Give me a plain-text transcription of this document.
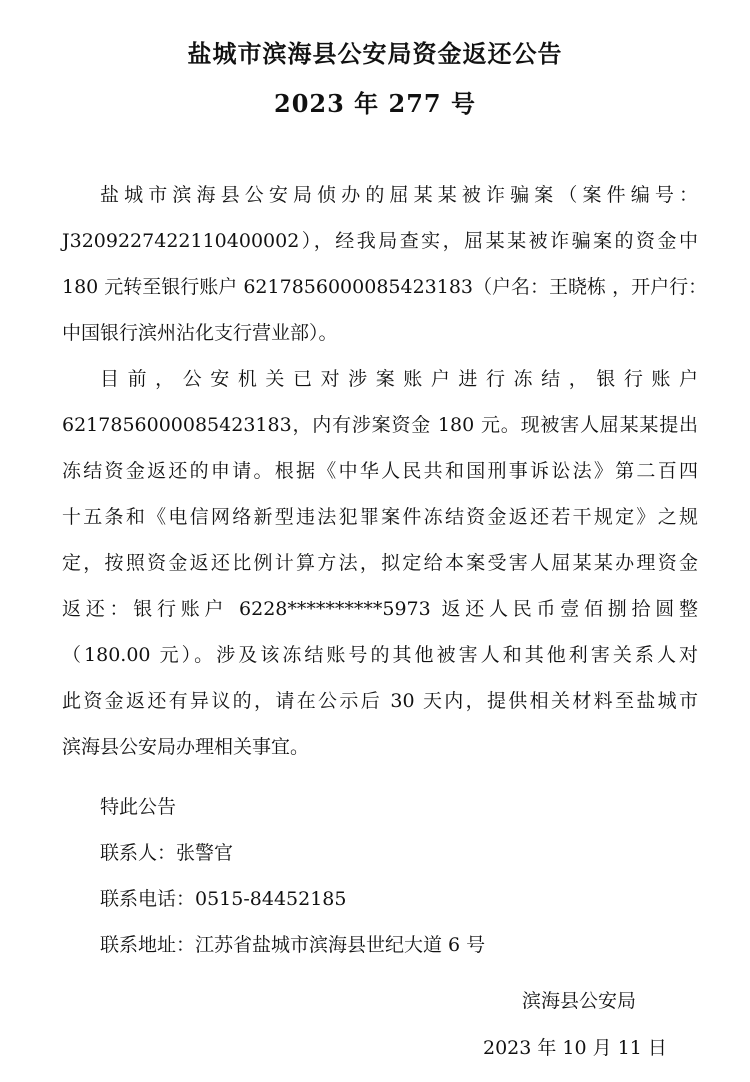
盐城市滨海县公安局资金返还公告
2023 年 277 号
盐城市滨海县公安局侦办的屈某某被诈骗案（案件编号：
J3209227422110400002），经我局查实，屈某某被诈骗案的资金中
180 元转至银行账户 6217856000085423183（户名：王晓栋 ，开户行：
中国银行滨州沾化支行营业部）。
目前，公安机关已对涉案账户进行冻结，银行账户
6217856000085423183，内有涉案资金 180 元。现被害人屈某某提出
冻结资金返还的申请。根据《中华人民共和国刑事诉讼法》第二百四
十五条和《电信网络新型违法犯罪案件冻结资金返还若干规定》之规
定，按照资金返还比例计算方法，拟定给本案受害人屈某某办理资金
返还：银行账户 6228**********5973 返还人民币壹佰捌拾圆整
（180.00 元）。涉及该冻结账号的其他被害人和其他利害关系人对
此资金返还有异议的，请在公示后 30 天内，提供相关材料至盐城市
滨海县公安局办理相关事宜。
特此公告
联系人：张警官
联系电话：0515-84452185
联系地址：江苏省盐城市滨海县世纪大道 6 号
滨海县公安局
2023 年 10 月 11 日
